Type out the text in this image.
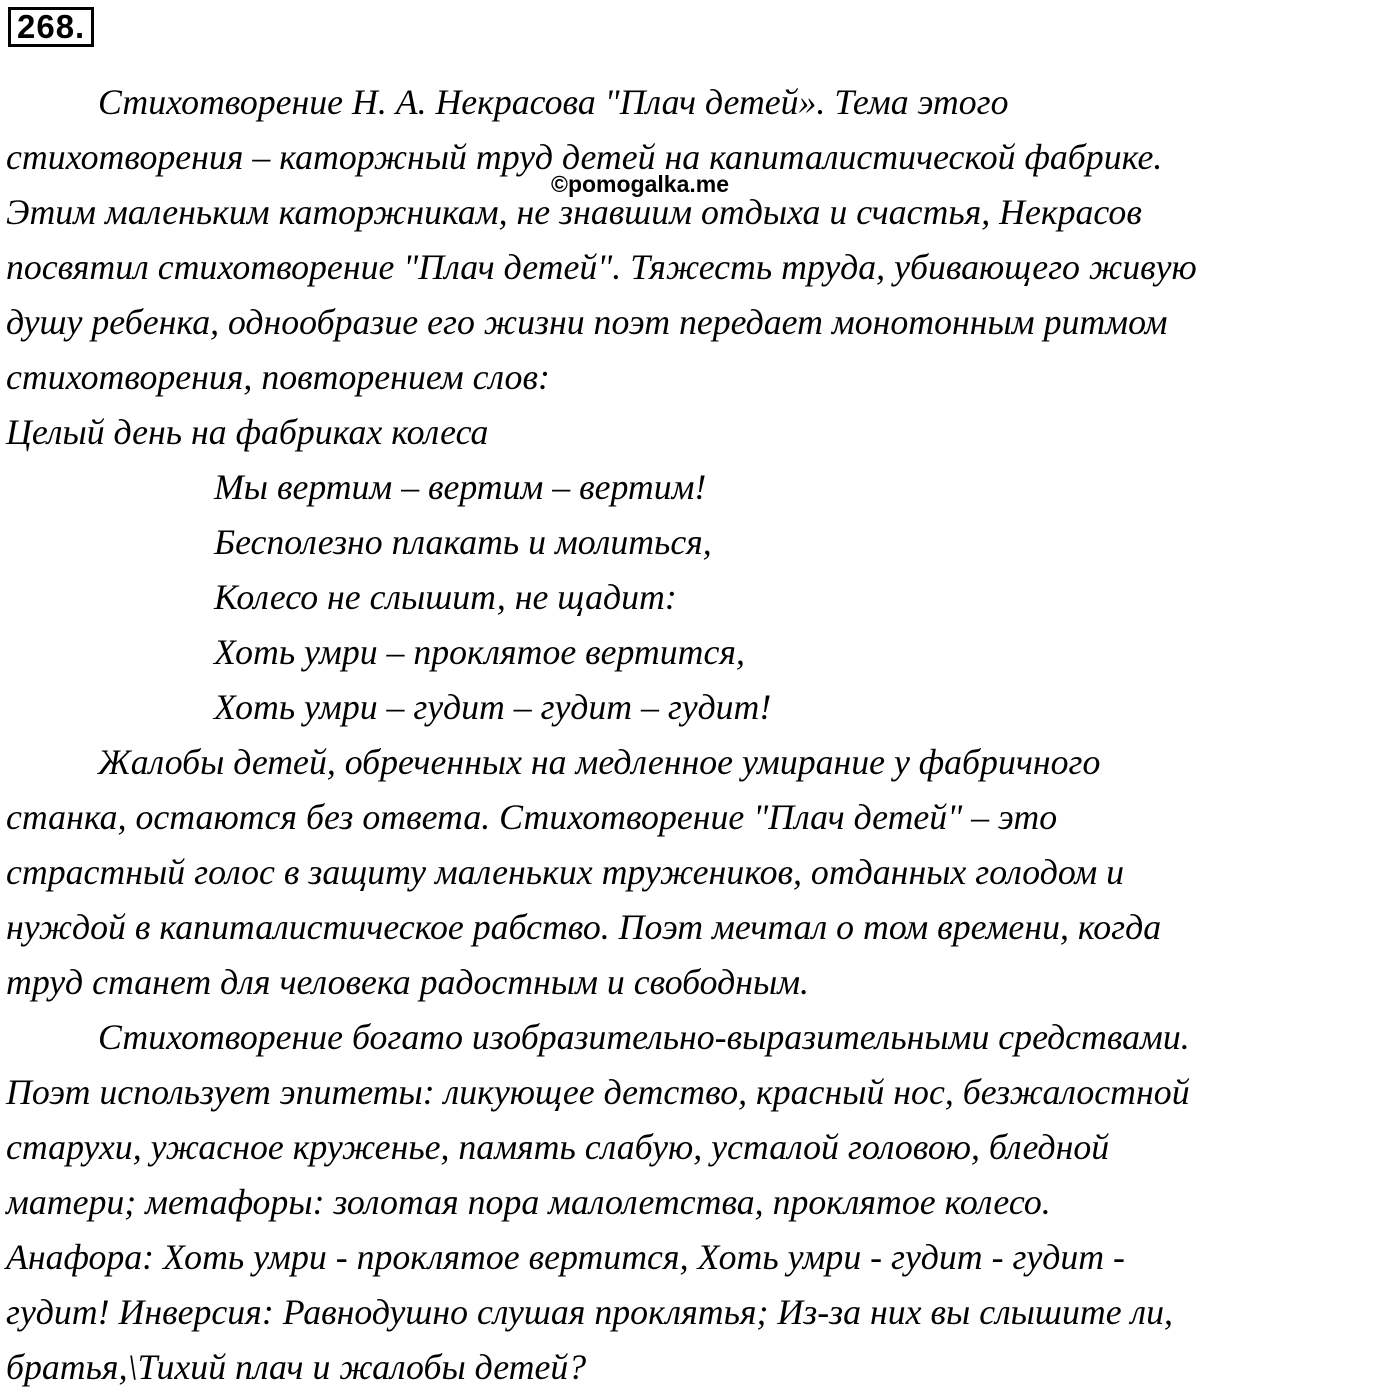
268.
©pomogalka.me
Стихотворение Н. А. Некрасова "Плач детей». Тема этого
стихотворения – каторжный труд детей на капиталистической фабрике.
Этим маленьким каторжникам, не знавшим отдыха и счастья, Некрасов
посвятил стихотворение "Плач детей". Тяжесть труда, убивающего живую
душу ребенка, однообразие его жизни поэт передает монотонным ритмом
стихотворения, повторением слов:
Целый день на фабриках колеса
Мы вертим – вертим – вертим!
Бесполезно плакать и молиться,
Колесо не слышит, не щадит:
Хоть умри – проклятое вертится,
Хоть умри – гудит – гудит – гудит!
Жалобы детей, обреченных на медленное умирание у фабричного
станка, остаются без ответа. Стихотворение "Плач детей" – это
страстный голос в защиту маленьких тружеников, отданных голодом и
нуждой в капиталистическое рабство. Поэт мечтал о том времени, когда
труд станет для человека радостным и свободным.
Стихотворение богато изобразительно-выразительными средствами.
Поэт использует эпитеты: ликующее детство, красный нос, безжалостной
старухи, ужасное круженье, память слабую, усталой головою, бледной
матери; метафоры: золотая пора малолетства, проклятое колесо.
Анафора: Хоть умри - проклятое вертится, Хоть умри - гудит - гудит -
гудит! Инверсия: Равнодушно слушая проклятья; Из-за них вы слышите ли,
братья,\Тихий плач и жалобы детей?
